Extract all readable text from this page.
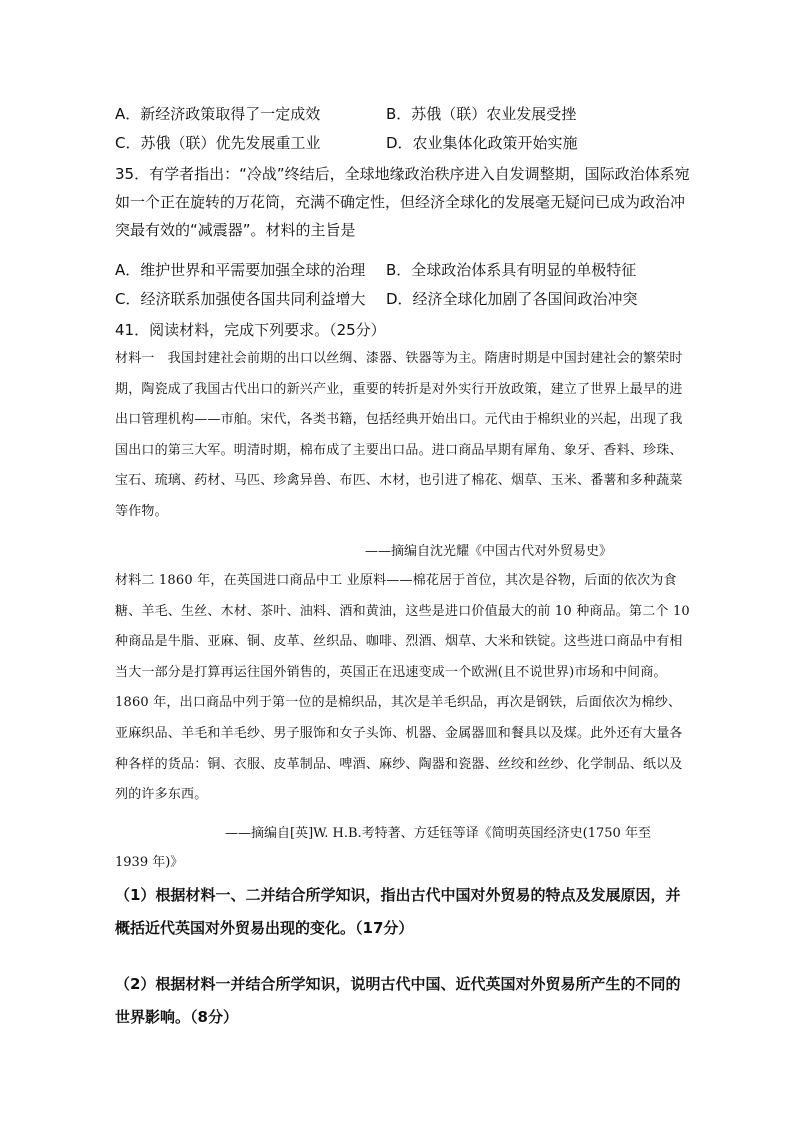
A．新经济政策取得了一定成效	B．苏俄（联）农业发展受挫
C．苏俄（联）优先发展重工业	D．农业集体化政策开始实施
35．有学者指出：“冷战”终结后，全球地缘政治秩序进入自发调整期，国际政治体系宛如一个正在旋转的万花筒，充满不确定性，但经济全球化的发展毫无疑问已成为政治冲突最有效的“减震器”。材料的主旨是
A．维护世界和平需要加强全球的治理 B．全球政治体系具有明显的单极特征
C．经济联系加强使各国共同利益增大 D．经济全球化加剧了各国间政治冲突
41．阅读材料，完成下列要求。（25分）
材料一　我国封建社会前期的出口以丝绸、漆器、铁器等为主。隋唐时期是中国封建社会的繁荣时期，陶瓷成了我国古代出口的新兴产业，重要的转折是对外实行开放政策，建立了世界上最早的进出口管理机构——市舶。宋代，各类书籍，包括经典开始出口。元代由于棉织业的兴起，出现了我国出口的第三大军。明清时期，棉布成了主要出口品。进口商品早期有犀角、象牙、香料、珍珠、宝石、琉璃、药材、马匹、珍禽异兽、布匹、木材，也引进了棉花、烟草、玉米、番薯和多种蔬菜等作物。
——摘编自沈光耀《中国古代对外贸易史》
材料二 1860 年，在英国进口商品中工 业原料——棉花居于首位，其次是谷物，后面的依次为食糖、羊毛、生丝、木材、茶叶、油料、酒和黄油，这些是进口价值最大的前 10 种商品。第二个 10 种商品是牛脂、亚麻、铜、皮革、丝织品、咖啡、烈酒、烟草、大米和铁锭。这些进口商品中有相当大一部分是打算再运往国外销售的，英国正在迅速变成一个欧洲(且不说世界)市场和中间商。1860 年，出口商品中列于第一位的是棉织品，其次是羊毛织品，再次是钢铁，后面依次为棉纱、亚麻织品、羊毛和羊毛纱、男子服饰和女子头饰、机器、金属器皿和餐具以及煤。此外还有大量各种各样的货品：铜、衣服、皮革制品、啤酒、麻纱、陶器和瓷器、丝绞和丝纱、化学制品、纸以及列的许多东西。
——摘编自[英]W. H.B.考特著、方廷钰等译《简明英国经济史(1750 年至
1939 年)》
（1）根据材料一、二并结合所学知识，指出古代中国对外贸易的特点及发展原因，并概括近代英国对外贸易出现的变化。（17分）
（2）根据材料一并结合所学知识，说明古代中国、近代英国对外贸易所产生的不同的世界影响。（8分）
